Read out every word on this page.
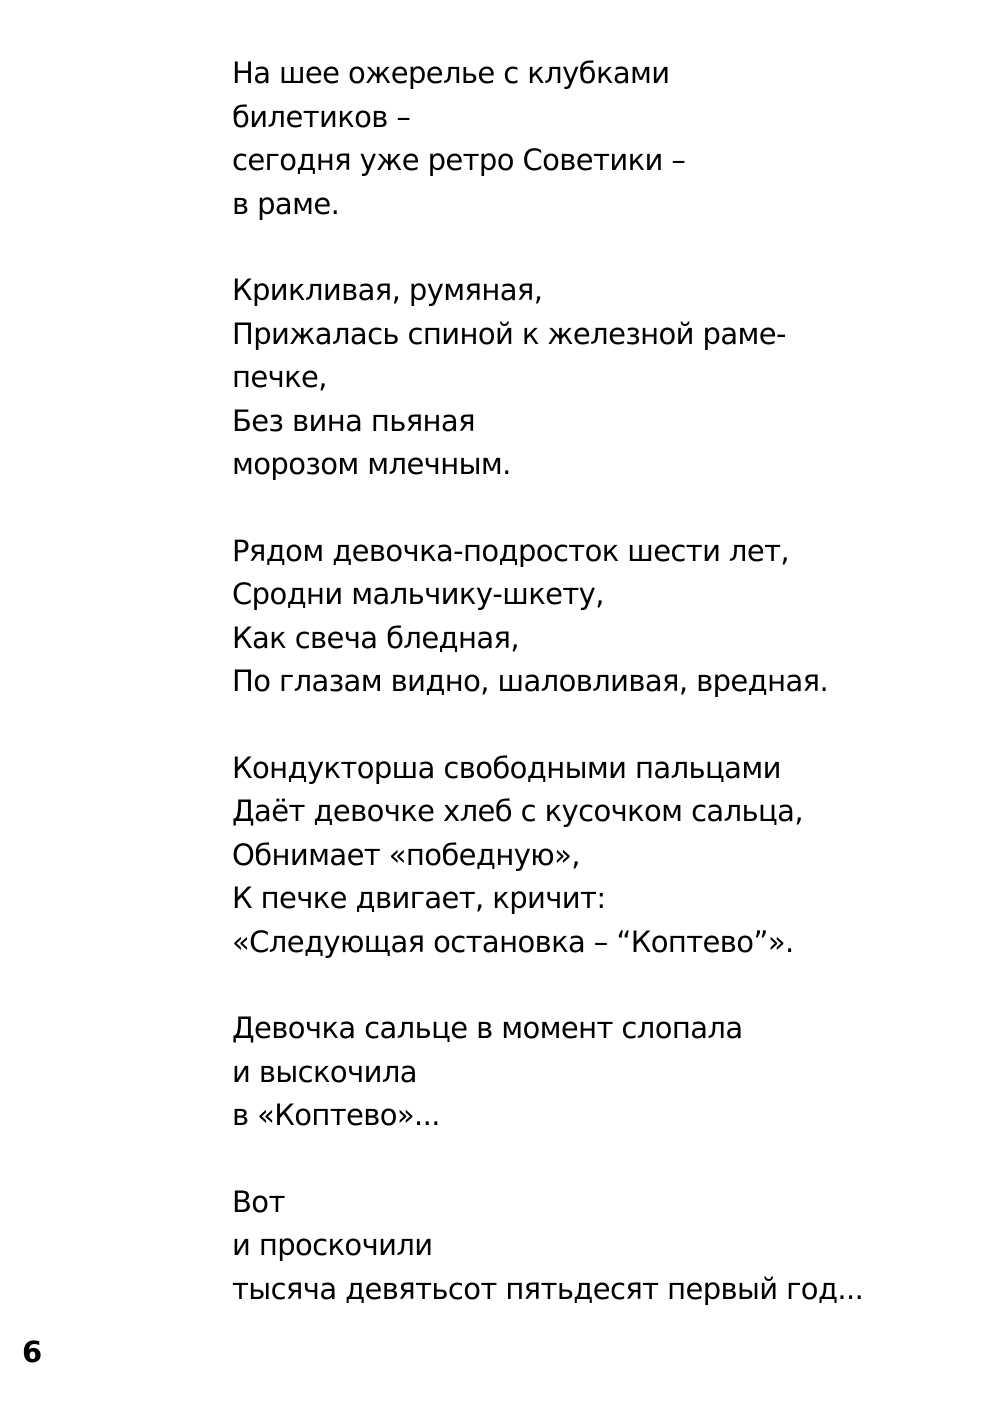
На шее ожерелье с клубками
билетиков –
сегодня уже ретро Советики –
в раме.
Крикливая, румяная,
Прижалась спиной к железной раме-
печке,
Без вина пьяная
морозом млечным.
Рядом девочка-подросток шести лет,
Сродни мальчику-шкету,
Как свеча бледная,
По глазам видно, шаловливая, вредная.
Кондукторша свободными пальцами
Даёт девочке хлеб с кусочком сальца,
Обнимает «победную»,
К печке двигает, кричит:
«Следующая остановка – “Коптево”».
Девочка сальце в момент слопала
и выскочила
в «Коптево»...
Вот
и проскочили
тысяча девятьсот пятьдесят первый год...
6
